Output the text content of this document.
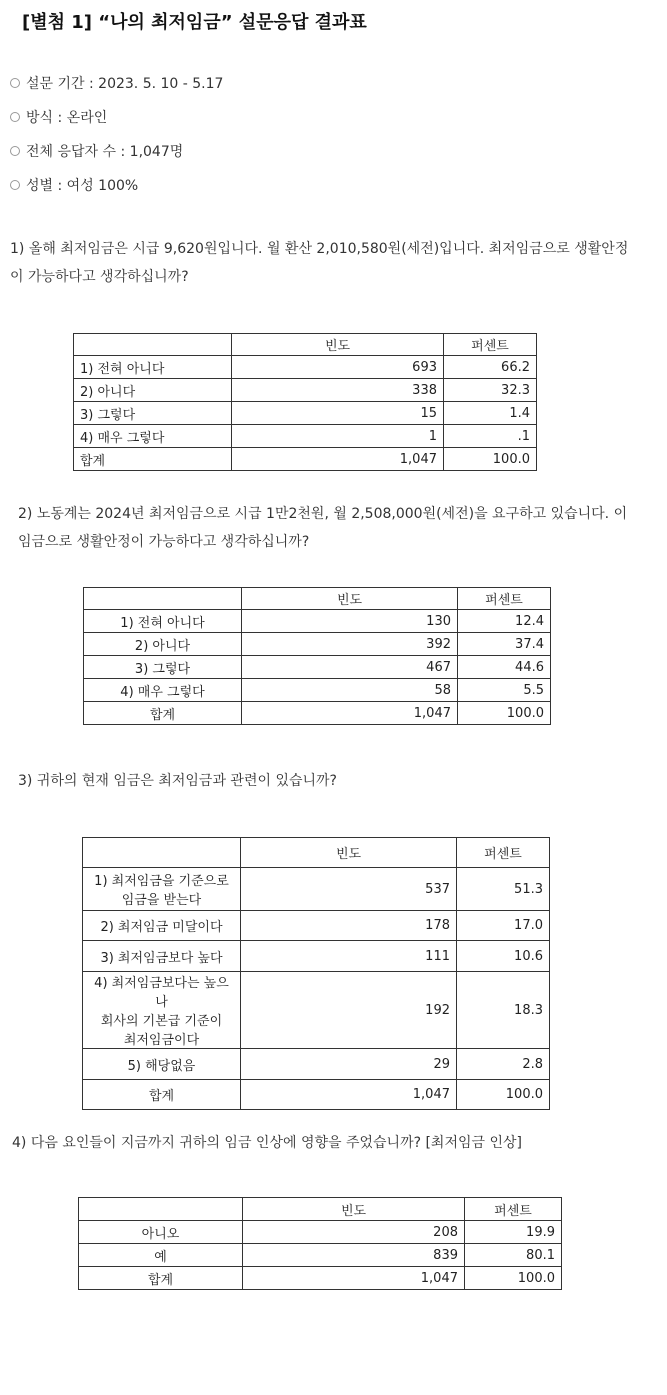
[별첨 1] “나의 최저임금” 설문응답 결과표
설문 기간 : 2023. 5. 10 - 5.17
방식 : 온라인
전체 응답자 수 : 1,047명
성별 : 여성 100%
1) 올해 최저임금은 시급 9,620원입니다. 월 환산 2,010,580원(세전)입니다. 최저임금으로 생활안정
이 가능하다고 생각하십니까?
	빈도	퍼센트
1) 전혀 아니다	693	66.2
2) 아니다	338	32.3
3) 그렇다	15	1.4
4) 매우 그렇다	1	.1
합계	1,047	100.0
2) 노동계는 2024년 최저임금으로 시급 1만2천원, 월 2,508,000원(세전)을 요구하고 있습니다. 이
임금으로 생활안정이 가능하다고 생각하십니까?
	빈도	퍼센트
1) 전혀 아니다	130	12.4
2) 아니다	392	37.4
3) 그렇다	467	44.6
4) 매우 그렇다	58	5.5
합계	1,047	100.0
3) 귀하의 현재 임금은 최저임금과 관련이 있습니까?
	빈도	퍼센트

1) 최저임금을 기준으로
임금을 받는다	537	51.3
2) 최저임금 미달이다	178	17.0
3) 최저임금보다 높다	111	10.6

4) 최저임금보다는 높으나
회사의 기본급 기준이
최저임금이다	192	18.3
5) 해당없음	29	2.8
합계	1,047	100.0
4) 다음 요인들이 지금까지 귀하의 임금 인상에 영향을 주었습니까? [최저임금 인상]
	빈도	퍼센트
아니오	208	19.9
예	839	80.1
합계	1,047	100.0
